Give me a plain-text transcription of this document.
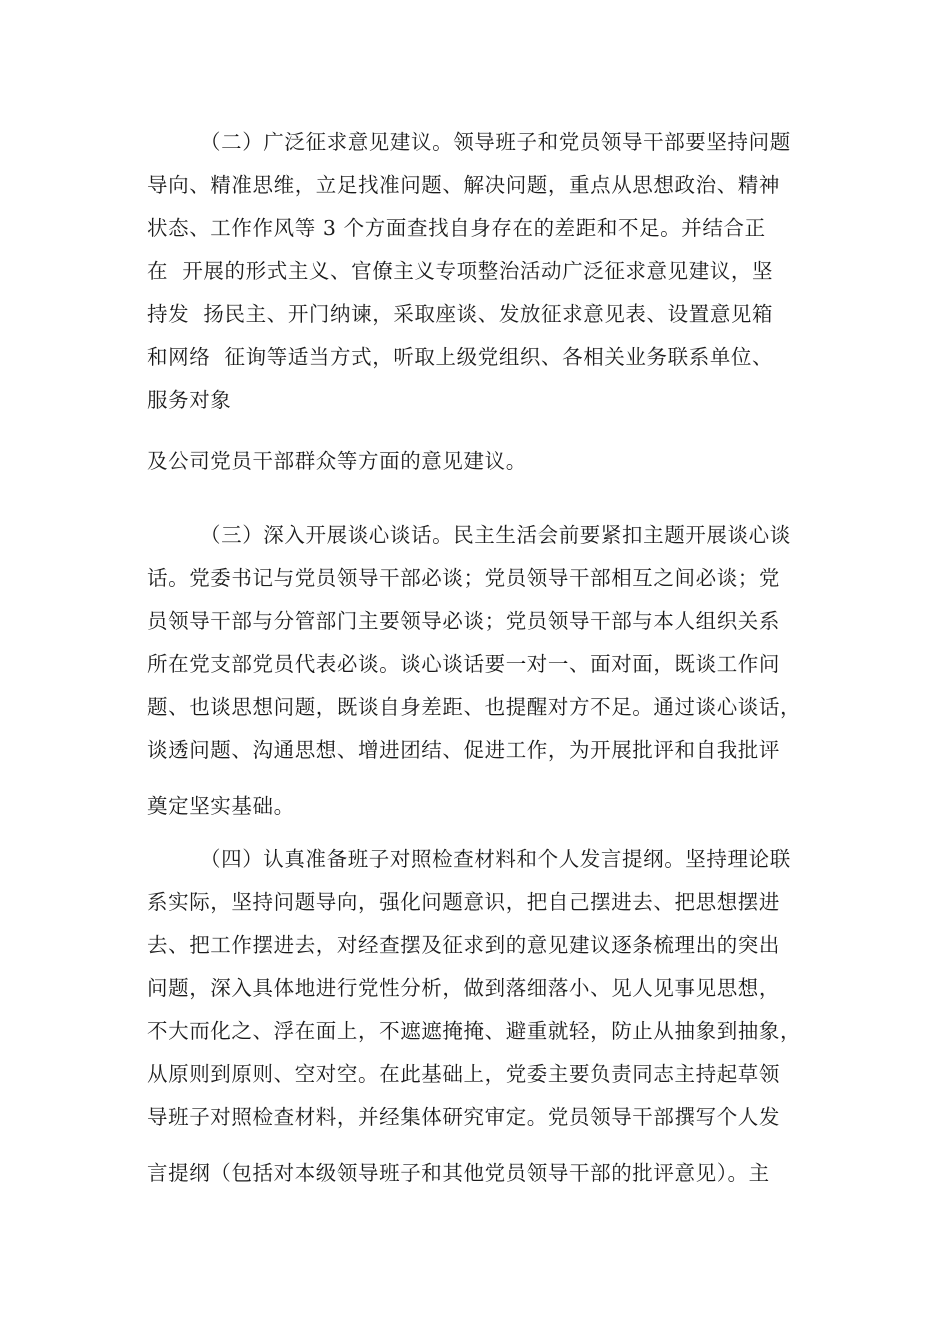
（二）广泛征求意见建议。领导班子和党员领导干部要坚持问题

导向、精准思维，立足找准问题、解决问题，重点从思想政治、精神

状态、工作作风等 3 个方面查找自身存在的差距和不足。并结合正

在  开展的形式主义、官僚主义专项整治活动广泛征求意见建议，坚

持发  扬民主、开门纳谏，采取座谈、发放征求意见表、设置意见箱

和网络  征询等适当方式，听取上级党组织、各相关业务联系单位、

服务对象

及公司党员干部群众等方面的意见建议。

（三）深入开展谈心谈话。民主生活会前要紧扣主题开展谈心谈

话。党委书记与党员领导干部必谈；党员领导干部相互之间必谈；党

员领导干部与分管部门主要领导必谈；党员领导干部与本人组织关系

所在党支部党员代表必谈。谈心谈话要一对一、面对面，既谈工作问

题、也谈思想问题，既谈自身差距、也提醒对方不足。通过谈心谈话，

谈透问题、沟通思想、增进团结、促进工作，为开展批评和自我批评

奠定坚实基础。

（四）认真准备班子对照检查材料和个人发言提纲。坚持理论联

系实际，坚持问题导向，强化问题意识，把自己摆进去、把思想摆进

去、把工作摆进去，对经查摆及征求到的意见建议逐条梳理出的突出

问题，深入具体地进行党性分析，做到落细落小、见人见事见思想，

不大而化之、浮在面上，不遮遮掩掩、避重就轻，防止从抽象到抽象，

从原则到原则、空对空。在此基础上，党委主要负责同志主持起草领

导班子对照检查材料，并经集体研究审定。党员领导干部撰写个人发

言提纲（包括对本级领导班子和其他党员领导干部的批评意见）。主
